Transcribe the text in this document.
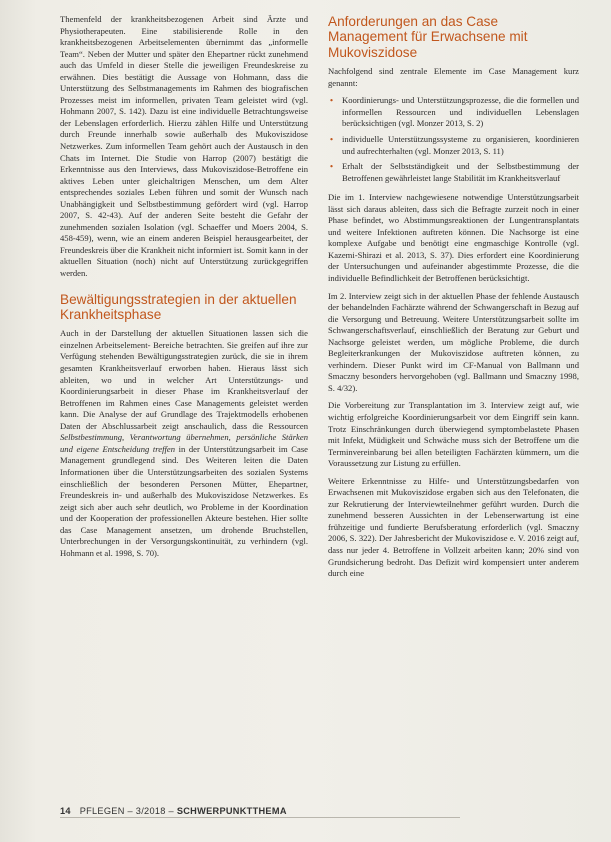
Themenfeld der krankheitsbezogenen Arbeit sind Ärzte und Physiotherapeuten. Eine stabilisierende Rolle in den krankheitsbezogenen Arbeitselementen übernimmt das „informelle Team“. Neben der Mutter und später den Ehepartner rückt zunehmend auch das Umfeld in dieser Stelle die jeweiligen Freundeskreise zu erwähnen. Dies bestätigt die Aussage von Hohmann, dass die Unterstützung des Selbstmanagements im Rahmen des biografischen Prozesses meist im informellen, privaten Team geleistet wird (vgl. Hohmann 2007, S. 142). Dazu ist eine individuelle Betrachtungsweise der Lebenslagen erforderlich. Hierzu zählen Hilfe und Unterstützung durch Freunde innerhalb sowie außerhalb des Mukoviszidose Netzwerkes. Zum informellen Team gehört auch der Austausch in den Chats im Internet. Die Studie von Harrop (2007) bestätigt die Erkenntnisse aus den Interviews, dass Mukoviszidose-Betroffene ein aktives Leben unter gleichaltrigen Menschen, um dem Alter entsprechendes soziales Leben führen und somit der Wunsch nach Unabhängigkeit und Selbstbestimmung gefördert wird (vgl. Harrop 2007, S. 42-43). Auf der anderen Seite besteht die Gefahr der zunehmenden sozialen Isolation (vgl. Schaeffer und Moers 2004, S. 458-459), wenn, wie an einem anderen Beispiel herausgearbeitet, der Freundeskreis über die Krankheit nicht informiert ist. Somit kann in der aktuellen Situation (noch) nicht auf Unterstützung zurückgegriffen werden.

Bewältigungsstrategien in der aktuellen Krankheitsphase

Auch in der Darstellung der aktuellen Situationen lassen sich die einzelnen Arbeitselement- Bereiche betrachten. Sie greifen auf ihre zur Verfügung stehenden Bewältigungsstrategien zurück, die sie in ihrem gesamten Krankheitsverlauf erworben haben. Hieraus lässt sich ableiten, wo und in welcher Art Unterstützungs- und Koordinierungsarbeit in dieser Phase im Krankheitsverlauf der Betroffenen im Rahmen eines Case Managements geleistet werden kann. Die Analyse der auf Grundlage des Trajektmodells erhobenen Daten der Abschlussarbeit zeigt anschaulich, dass die Ressourcen Selbstbestimmung, Verantwortung übernehmen, persönliche Stärken und eigene Entscheidung treffen in der Unterstützungsarbeit im Case Management grundlegend sind. Des Weiteren leiten die Daten Informationen über die Unterstützungsarbeiten des sozialen Systems einschließlich der besonderen Personen Mütter, Ehepartner, Freundeskreis in- und außerhalb des Mukoviszidose Netzwerkes. Es zeigt sich aber auch sehr deutlich, wo Probleme in der Koordination und der Kooperation der professionellen Akteure bestehen. Hier sollte das Case Management ansetzen, um drohende Bruchstellen, Unterbrechungen in der Versorgungskontinuität, zu verhindern (vgl. Hohmann et al. 1998, S. 70).

Anforderungen an das Case Management für Erwachsene mit Mukoviszidose

Nachfolgend sind zentrale Elemente im Case Management kurz genannt:

• Koordinierungs- und Unterstützungsprozesse, die die formellen und informellen Ressourcen und individuellen Lebenslagen berücksichtigen (vgl. Monzer 2013, S. 2)
• individuelle Unterstützungssysteme zu organisieren, koordinieren und aufrechterhalten (vgl. Monzer 2013, S. 11)
• Erhalt der Selbstständigkeit und der Selbstbestimmung der Betroffenen gewährleistet lange Stabilität im Krankheitsverlauf

Die im 1. Interview nachgewiesene notwendige Unterstützungsarbeit lässt sich daraus ableiten, dass sich die Befragte zurzeit noch in einer Phase befindet, wo Abstimmungsreaktionen der Lungentransplantats und weitere Infektionen auftreten können. Die Nachsorge ist eine komplexe Aufgabe und benötigt eine engmaschige Kontrolle (vgl. Kazemi-Shirazi et al. 2013, S. 37). Dies erfordert eine Koordinierung der Untersuchungen und aufeinander abgestimmte Prozesse, die die individuelle Befindlichkeit der Betroffenen berücksichtigt.

Im 2. Interview zeigt sich in der aktuellen Phase der fehlende Austausch der behandelnden Fachärzte während der Schwangerschaft in Bezug auf die Versorgung und Betreuung. Weitere Unterstützungsarbeit sollte im Schwangerschaftsverlauf, einschließlich der Beratung zur Geburt und Nachsorge geleistet werden, um mögliche Probleme, die durch Begleiterkrankungen der Mukoviszidose auftreten können, zu verhindern. Dieser Punkt wird im CF-Manual von Ballmann und Smaczny besonders hervorgehoben (vgl. Ballmann und Smaczny 1998, S. 4/32).

Die Vorbereitung zur Transplantation im 3. Interview zeigt auf, wie wichtig erfolgreiche Koordinierungsarbeit vor dem Eingriff sein kann. Trotz Einschränkungen durch überwiegend symptombelastete Phasen mit Infekt, Müdigkeit und Schwäche muss sich der Betroffene um die Terminvereinbarung bei allen beteiligten Fachärzten kümmern, um die Voraussetzung zur Listung zu erfüllen.

Weitere Erkenntnisse zu Hilfe- und Unterstützungsbedarfen von Erwachsenen mit Mukoviszidose ergaben sich aus den Telefonaten, die zur Rekrutierung der Interviewteilnehmer geführt wurden. Durch die zunehmend besseren Aussichten in der Lebenserwartung ist eine frühzeitige und fundierte Berufsberatung erforderlich (vgl. Smaczny 2006, S. 322). Der Jahresbericht der Mukoviszidose e. V. 2016 zeigt auf, dass nur jeder 4. Betroffene in Vollzeit arbeiten kann; 20% sind von Grundsicherung bedroht. Das Defizit wird kompensiert unter anderem durch eine

14 PFLEGEN – 3/2018 – SCHWERPUNKTTHEMA
